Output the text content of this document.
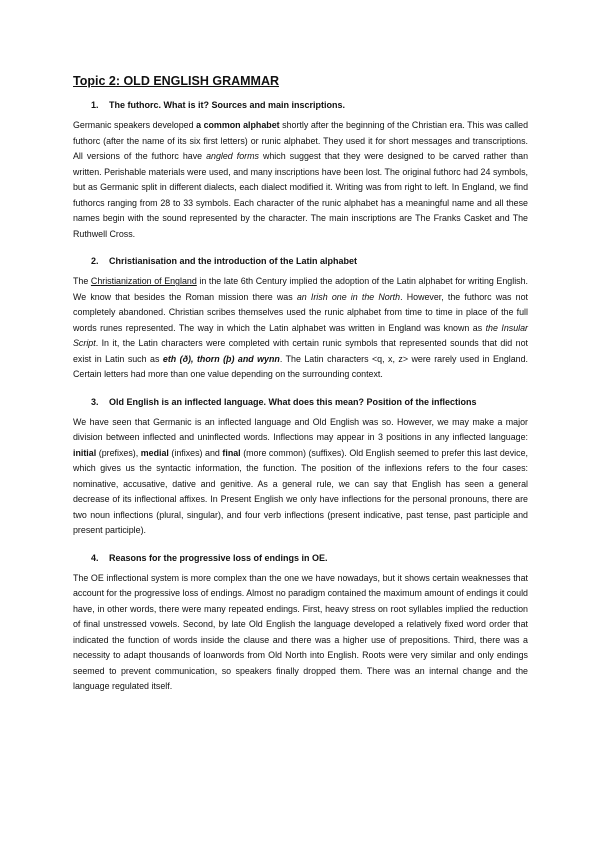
Topic 2: OLD ENGLISH GRAMMAR
1. The futhorc. What is it? Sources and main inscriptions.

Germanic speakers developed a common alphabet shortly after the beginning of the Christian era. This was called futhorc (after the name of its six first letters) or runic alphabet. They used it for short messages and transcriptions. All versions of the futhorc have angled forms which suggest that they were designed to be carved rather than written. Perishable materials were used, and many inscriptions have been lost. The original futhorc had 24 symbols, but as Germanic split in different dialects, each dialect modified it. Writing was from right to left. In England, we find futhorcs ranging from 28 to 33 symbols. Each character of the runic alphabet has a meaningful name and all these names begin with the sound represented by the character. The main inscriptions are The Franks Casket and The Ruthwell Cross.

2. Christianisation and the introduction of the Latin alphabet

The Christianization of England in the late 6th Century implied the adoption of the Latin alphabet for writing English. We know that besides the Roman mission there was an Irish one in the North. However, the futhorc was not completely abandoned. Christian scribes themselves used the runic alphabet from time to time in place of the full words runes represented. The way in which the Latin alphabet was written in England was known as the Insular Script. In it, the Latin characters were completed with certain runic symbols that represented sounds that did not exist in Latin such as eth (ð), thorn (þ) and wynn. The Latin characters <q, x, z> were rarely used in England. Certain letters had more than one value depending on the surrounding context.

3. Old English is an inflected language. What does this mean? Position of the inflections

We have seen that Germanic is an inflected language and Old English was so. However, we may make a major division between inflected and uninflected words. Inflections may appear in 3 positions in any inflected language: initial (prefixes), medial (infixes) and final (more common) (suffixes). Old English seemed to prefer this last device, which gives us the syntactic information, the function. The position of the inflexions refers to the four cases: nominative, accusative, dative and genitive. As a general rule, we can say that English has seen a general decrease of its inflectional affixes. In Present English we only have inflections for the personal pronouns, there are two noun inflections (plural, singular), and four verb inflections (present indicative, past tense, past participle and present participle).

4. Reasons for the progressive loss of endings in OE.

The OE inflectional system is more complex than the one we have nowadays, but it shows certain weaknesses that account for the progressive loss of endings. Almost no paradigm contained the maximum amount of endings it could have, in other words, there were many repeated endings. First, heavy stress on root syllables implied the reduction of final unstressed vowels. Second, by late Old English the language developed a relatively fixed word order that indicated the function of words inside the clause and there was a higher use of prepositions. Third, there was a necessity to adapt thousands of loanwords from Old North into English. Roots were very similar and only endings seemed to prevent communication, so speakers finally dropped them. There was an internal change and the language regulated itself.
